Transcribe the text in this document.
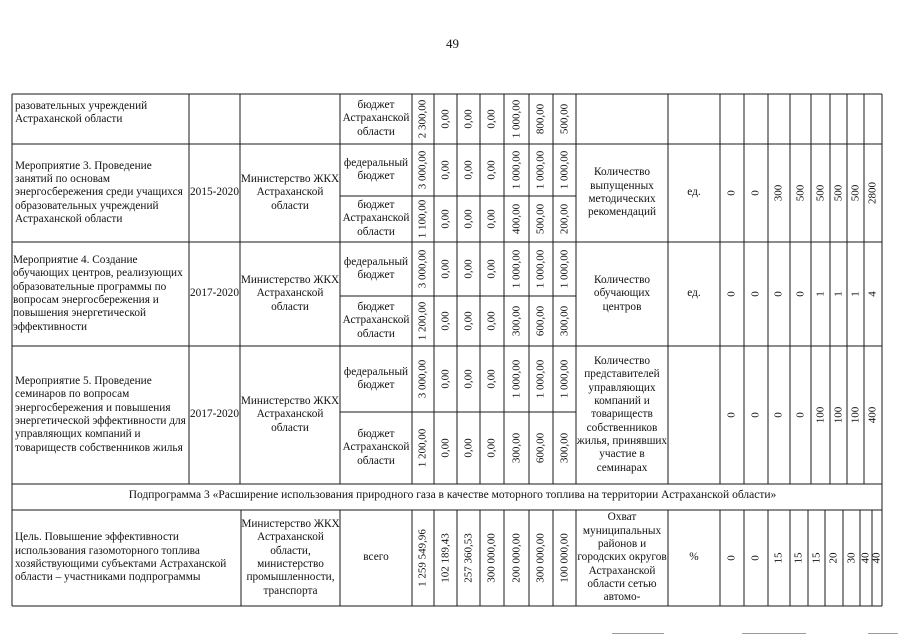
49
разовательных учреждений Астраханской области
бюджет Астраханской области
Мероприятие 3. Проведение занятий по основам энергосбережения среди учащихся образовательных учреждений Астраханской области
2015-2020
Министерство ЖКХ Астраханской области
федеральный бюджет
бюджет Астраханской области
Количество выпущенных методических рекомендаций
ед.
Мероприятие 4. Создание обучающих центров, реализующих образовательные программы по вопросам энергосбережения и повышения энергетической эффективности
2017-2020
Министерство ЖКХ Астраханской области
федеральный бюджет
бюджет Астраханской области
Количество обучающих центров
ед.
Мероприятие 5. Проведение семинаров по вопросам энергосбережения и повышения энергетической эффективности для управляющих компаний и товариществ собственников жилья
2017-2020
Министерство ЖКХ Астраханской области
федеральный бюджет
бюджет Астраханской области
Количество представителей управляющих компаний и товариществ собственников жилья, принявших участие в семинарах
Подпрограмма 3 «Расширение использования природного газа в качестве моторного топлива на территории Астраханской области»
Цель. Повышение эффективности использования газомоторного топлива хозяйствующими субъектами Астраханской области – участниками подпрограммы
Министерство ЖКХ Астраханской области, министерство промышленности, транспорта
всего
Охват муниципальных районов и городских округов Астраханской области сетью автомо-
%
2 300,00 0,00 0,00 0,00 1 000,00 800,00 500,00
3 000,00 0,00 0,00 0,00 1 000,00 1 000,00 1 000,00
1 100,00 0,00 0,00 0,00 400,00 500,00 200,00
3 000,00 0,00 0,00 0,00 1 000,00 1 000,00 1 000,00
1 200,00 0,00 0,00 0,00 300,00 600,00 300,00
3 000,00 0,00 0,00 0,00 1 000,00 1 000,00 1 000,00
1 200,00 0,00 0,00 0,00 300,00 600,00 300,00
1 259 549,96 102 189,43 257 360,53 300 000,00 200 000,00 300 000,00 100 000,00
0 0 300 500 500 500 500 2800
0 0 0 0 1 1 1 4
0 0 0 0 100 100 100 400
0 0 15 15 15 20 30 40 40
